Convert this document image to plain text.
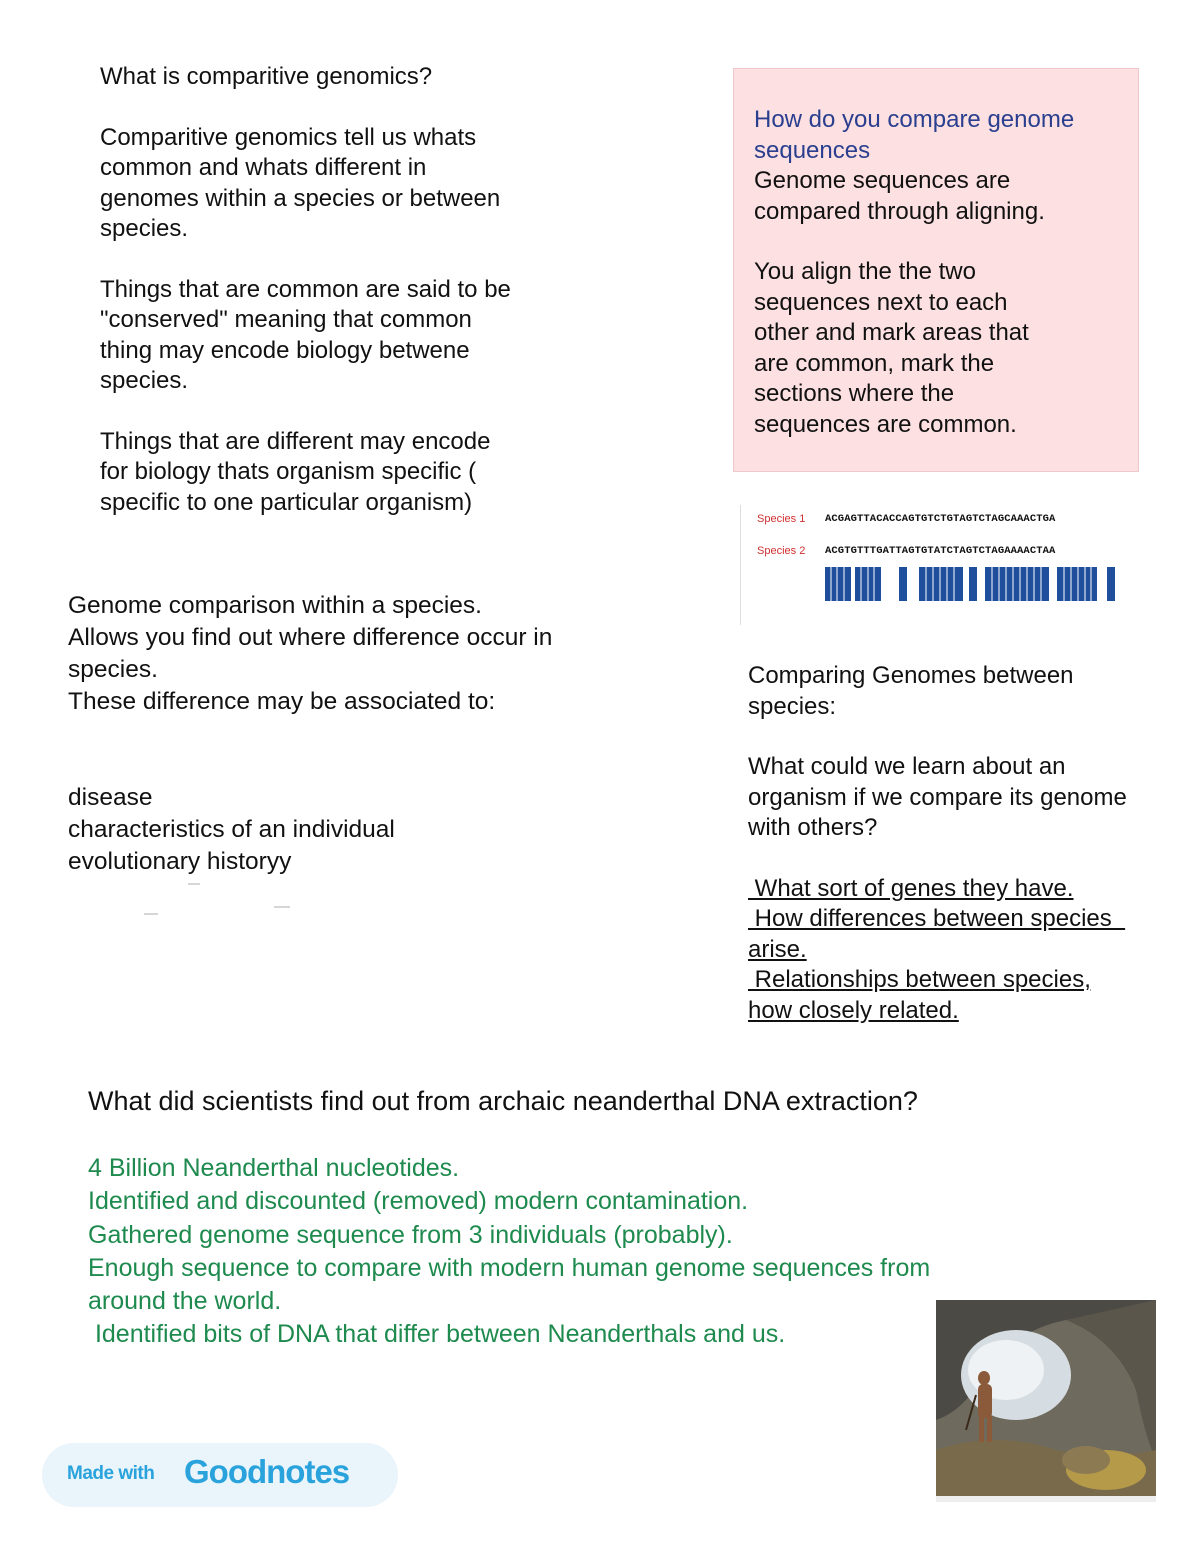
What is comparitive genomics?

Comparitive genomics tell us whats

common and whats different in

genomes within a species or between

species.

Things that are common are said to be

"conserved" meaning that common

thing may encode biology betwene

species.

Things that are different may encode

for biology thats organism specific (

specific to one particular organism)

How do you compare genome

sequences

Genome sequences are

compared through aligning.

You align the the two

sequences next to each

other and mark areas that

are common, mark the

sections where the

sequences are common.

Species 1 ACGAGTTACACCAGTGTCTGTAGTCTAGCAAACTGA
Species 2 ACGTGTTTGATTAGTGTATCTAGTCTAGAAAACTAA

Genome comparison within a species.

Allows you find out where difference occur in

species.

These difference may be associated to:

disease

characteristics of an individual

evolutionary historyy

Comparing Genomes between

species:

What could we learn about an

organism if we compare its genome

with others?

What sort of genes they have.

How differences between species

arise.

Relationships between species,

how closely related.

What did scientists find out from archaic neanderthal DNA extraction?

4 Billion Neanderthal nucleotides.

Identified and discounted (removed) modern contamination.

Gathered genome sequence from 3 individuals (probably).

Enough sequence to compare with modern human genome sequences from

around the world.

Identified bits of DNA that differ between Neanderthals and us.

Made with Goodnotes
